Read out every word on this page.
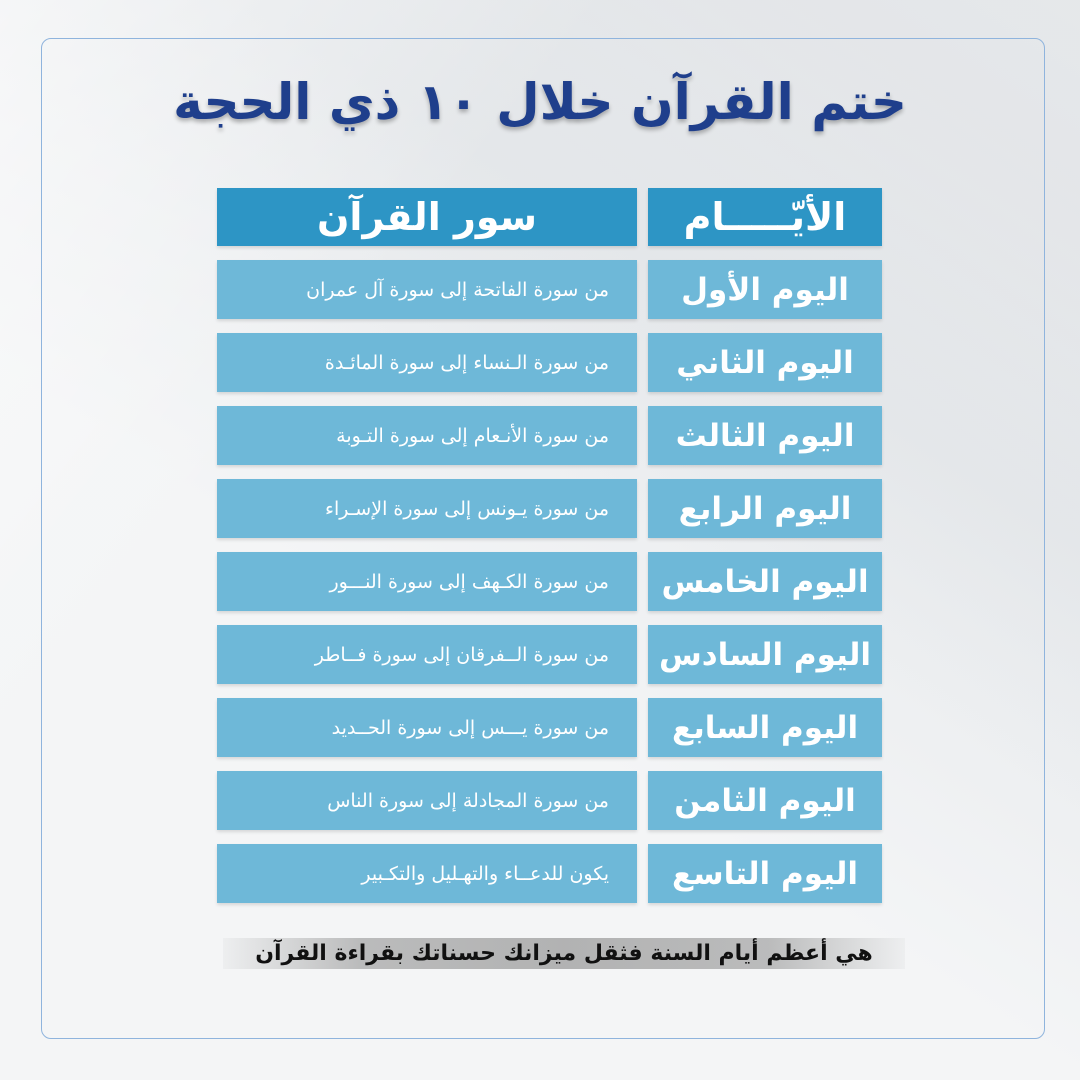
ختم القرآن خلال ١٠ ذي الحجة
الأيّـــــام
سور القرآن
اليوم الأول
من سورة الفاتحة إلى سورة آل عمران
اليوم الثاني
من سورة الـنساء إلى سورة المائـدة
اليوم الثالث
من سورة الأنـعام إلى سورة التـوبة
اليوم الرابع
من سورة يـونس إلى سورة الإسـراء
اليوم الخامس
من سورة الكـهف إلى سورة النـــور
اليوم السادس
من سورة الــفرقان إلى سورة فــاطر
اليوم السابع
من سورة يـــس إلى سورة الحــديد
اليوم الثامن
من سورة المجادلة إلى سورة الناس
اليوم التاسع
يكون للدعــاء والتهـليل والتكـبير
هي أعظم أيام السنة فثقل ميزانك حسناتك بقراءة القرآن
